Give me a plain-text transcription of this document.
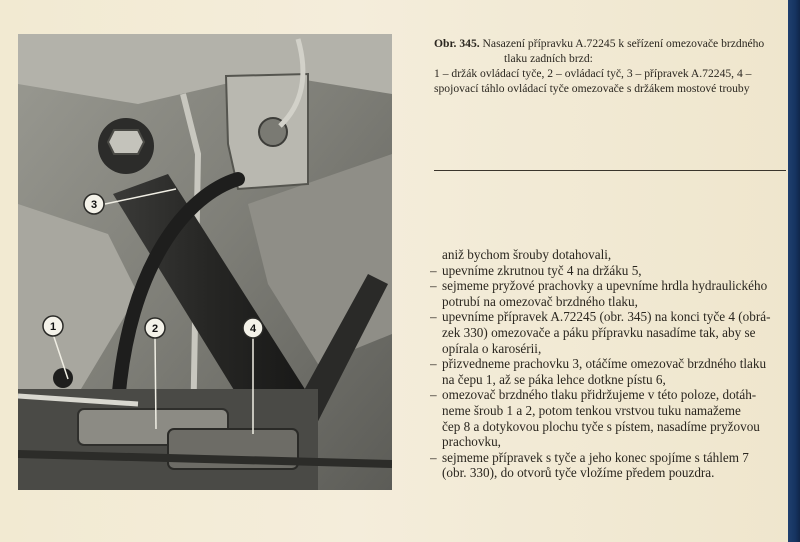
1	2
3
4
Obr. 345. Nasazení přípravku A.72245 k seřízení omezovače brzdného
tlaku zadních brzd:
1 – držák ovládací tyče, 2 – ovládací tyč, 3 – přípravek A.72245, 4 –
spojovací táhlo ovládací tyče omezovače s držákem mostové trouby
aniž bychom šrouby dotahovali,
– upevníme zkrutnou tyč 4 na držáku 5,
– sejmeme pryžové prachovky a upevníme hrdla hydraulického
potrubí na omezovač brzdného tlaku,
– upevníme přípravek A.72245 (obr. 345) na konci tyče 4 (obrá-
zek 330) omezovače a páku přípravku nasadíme tak, aby se
opírala o karosérii,
– přizvedneme prachovku 3, otáčíme omezovač brzdného tlaku
na čepu 1, až se páka lehce dotkne pístu 6,
– omezovač brzdného tlaku přidržujeme v této poloze, dotáh-
neme šroub 1 a 2, potom tenkou vrstvou tuku namažeme
čep 8 a dotykovou plochu tyče s pístem, nasadíme pryžovou
prachovku,
– sejmeme přípravek s tyče a jeho konec spojíme s táhlem 7
(obr. 330), do otvorů tyče vložíme předem pouzdra.
